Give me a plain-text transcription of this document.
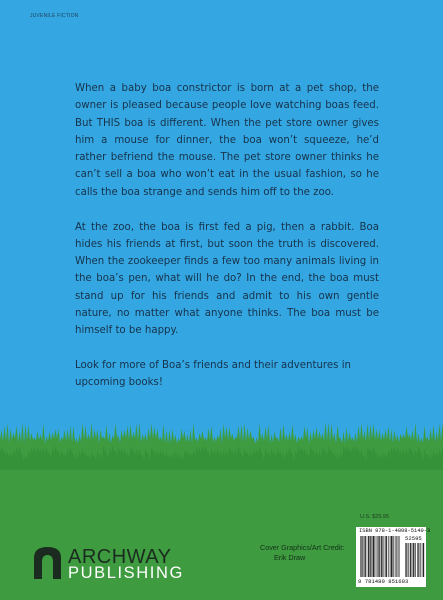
JUVENILE FICTION

When a baby boa constrictor is born at a pet shop, the owner is pleased because people love watching boas feed. But THIS boa is different. When the pet store owner gives him a mouse for dinner, the boa won’t squeeze, he’d rather befriend the mouse. The pet store owner thinks he can’t sell a boa who won’t eat in the usual fashion, so he calls the boa strange and sends him off to the zoo.

At the zoo, the boa is first fed a pig, then a rabbit. Boa hides his friends at first, but soon the truth is discovered. When the zookeeper finds a few too many animals living in the boa’s pen, what will he do? In the end, the boa must stand up for his friends and admit to his own gentle nature, no matter what anyone thinks. The boa must be himself to be happy.

Look for more of Boa’s friends and their adventures in upcoming books!

U.S. $25.95
ISBN 978-1-4808-5140-3
52595
9 781480 851603
Cover Graphics/Art Credit:
Erik Draw
ARCHWAY
PUBLISHING
